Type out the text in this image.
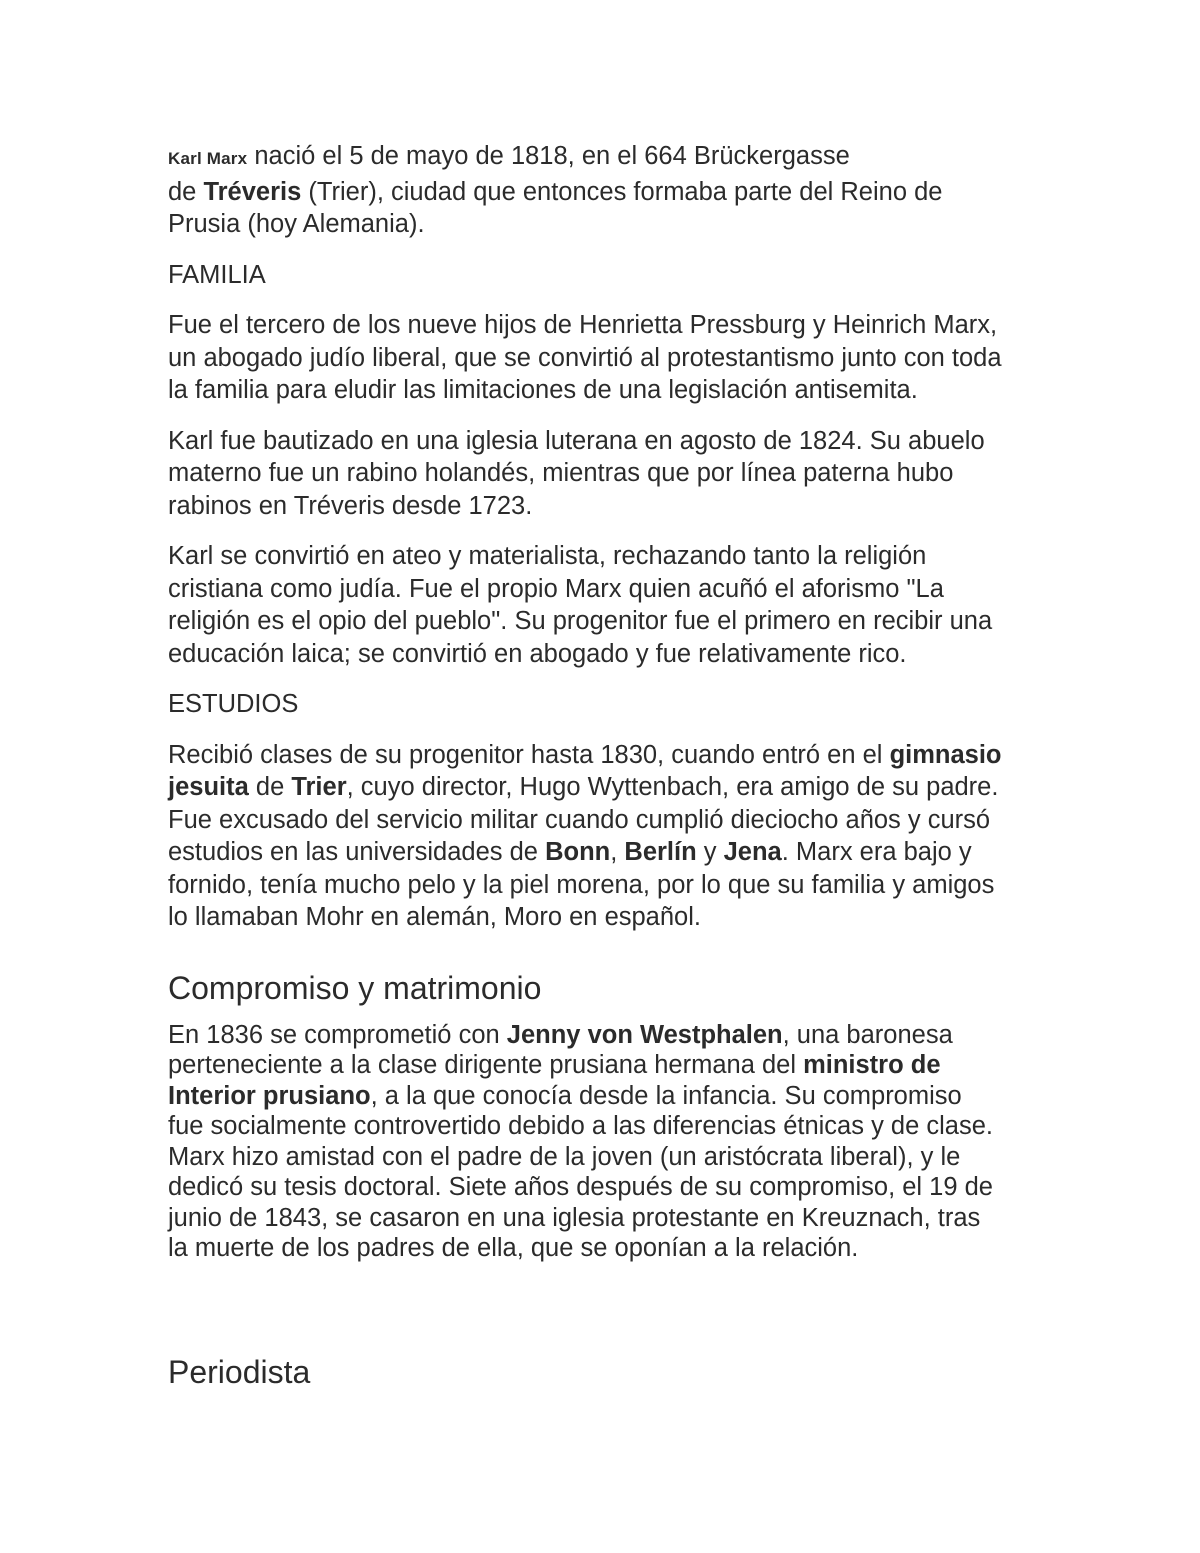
Karl Marx nació el 5 de mayo de 1818, en el 664 Brückergasse
de Tréveris (Trier), ciudad que entonces formaba parte del Reino de
Prusia (hoy Alemania).

FAMILIA

Fue el tercero de los nueve hijos de Henrietta Pressburg y Heinrich Marx,
un abogado judío liberal, que se convirtió al protestantismo junto con toda
la familia para eludir las limitaciones de una legislación antisemita.

Karl fue bautizado en una iglesia luterana en agosto de 1824. Su abuelo
materno fue un rabino holandés, mientras que por línea paterna hubo
rabinos en Tréveris desde 1723.

Karl se convirtió en ateo y materialista, rechazando tanto la religión
cristiana como judía. Fue el propio Marx quien acuñó el aforismo "La
religión es el opio del pueblo". Su progenitor fue el primero en recibir una
educación laica; se convirtió en abogado y fue relativamente rico.

ESTUDIOS

Recibió clases de su progenitor hasta 1830, cuando entró en el gimnasio
jesuita de Trier, cuyo director, Hugo Wyttenbach, era amigo de su padre.
Fue excusado del servicio militar cuando cumplió dieciocho años y cursó
estudios en las universidades de Bonn, Berlín y Jena. Marx era bajo y
fornido, tenía mucho pelo y la piel morena, por lo que su familia y amigos
lo llamaban Mohr en alemán, Moro en español.

Compromiso y matrimonio

En 1836 se comprometió con Jenny von Westphalen, una baronesa
perteneciente a la clase dirigente prusiana hermana del ministro de
Interior prusiano, a la que conocía desde la infancia. Su compromiso
fue socialmente controvertido debido a las diferencias étnicas y de clase.
Marx hizo amistad con el padre de la joven (un aristócrata liberal), y le
dedicó su tesis doctoral. Siete años después de su compromiso, el 19 de
junio de 1843, se casaron en una iglesia protestante en Kreuznach, tras
la muerte de los padres de ella, que se oponían a la relación.

Periodista
